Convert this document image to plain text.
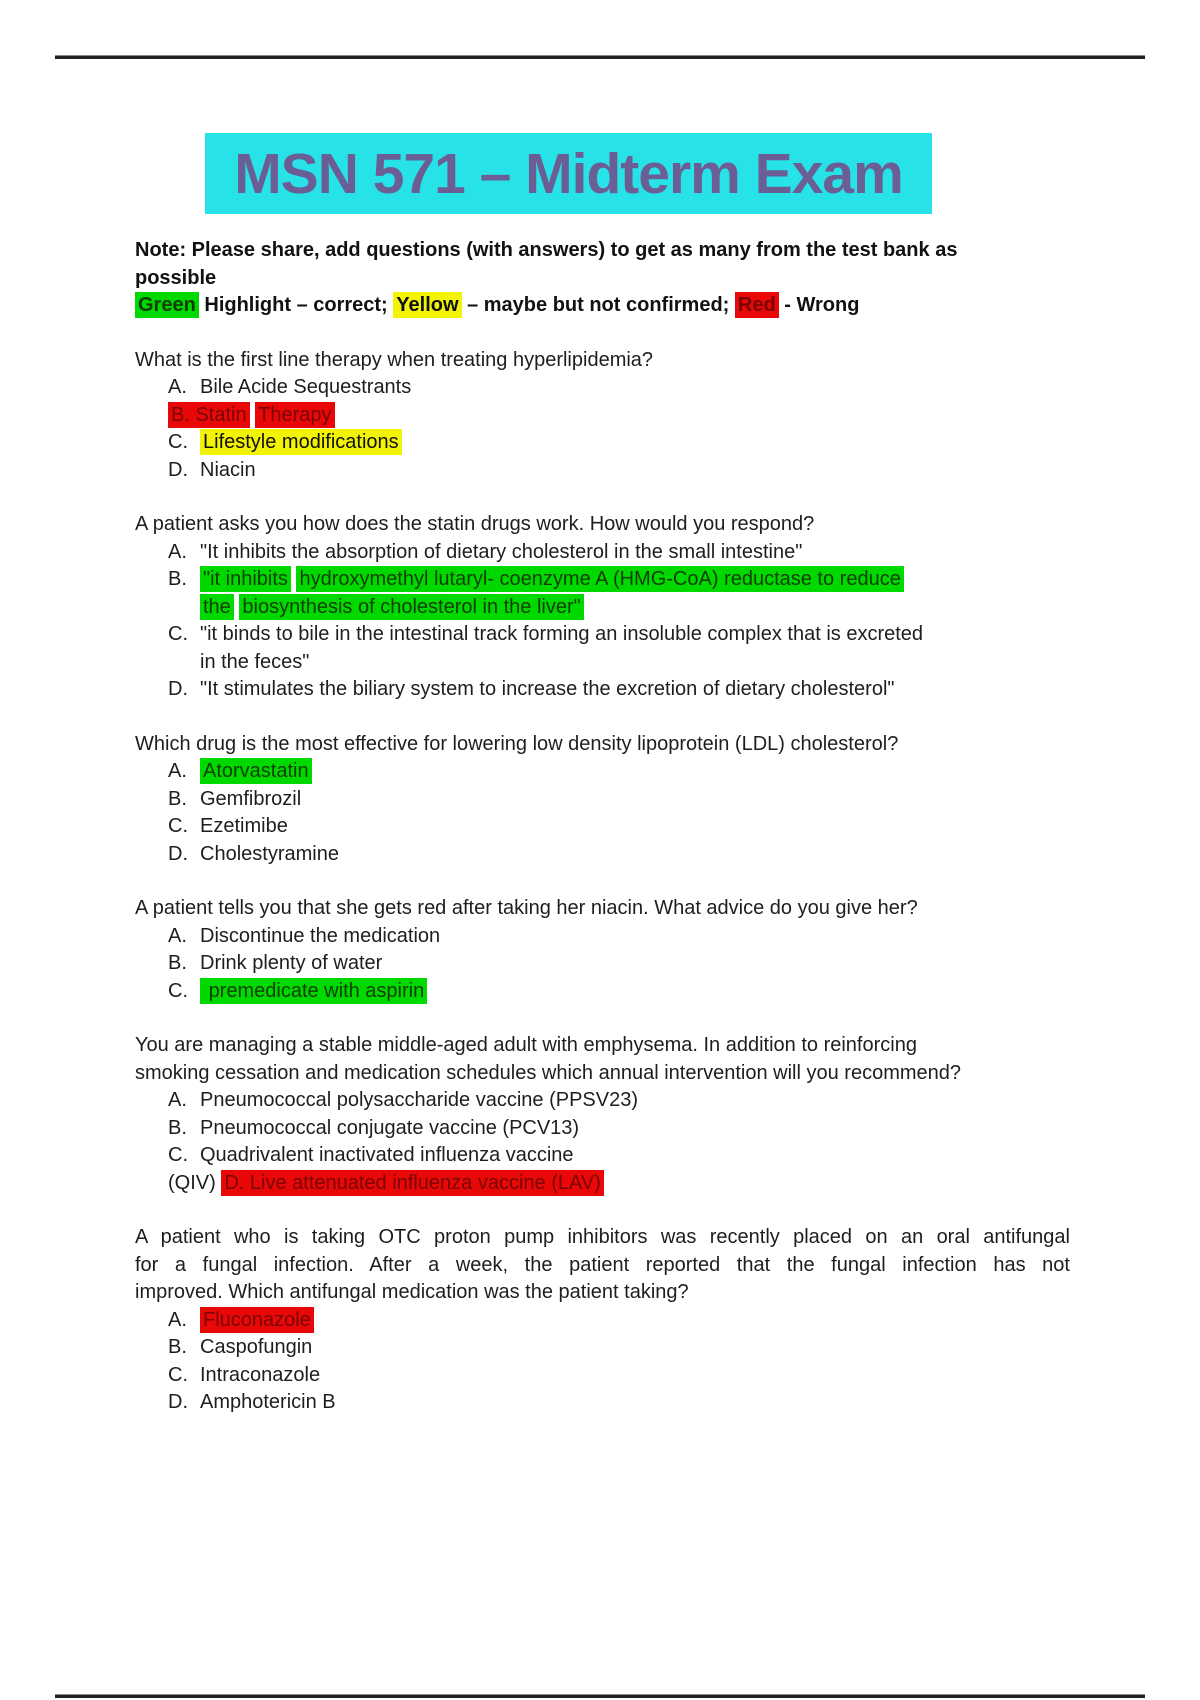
MSN 571 – Midterm Exam
Note: Please share, add questions (with answers) to get as many from the test bank as
possible
Green Highlight – correct; Yellow – maybe but not confirmed; Red - Wrong
What is the first line therapy when treating hyperlipidemia?
A. Bile Acide Sequestrants
B. Statin Therapy
C. Lifestyle modifications
D. Niacin
A patient asks you how does the statin drugs work. How would you respond?
A. "It inhibits the absorption of dietary cholesterol in the small intestine"
B. "it inhibits hydroxymethyl lutaryl- coenzyme A (HMG-CoA) reductase to reduce
the biosynthesis of cholesterol in the liver"
C. "it binds to bile in the intestinal track forming an insoluble complex that is excreted
in the feces"
D. "It stimulates the biliary system to increase the excretion of dietary cholesterol"
Which drug is the most effective for lowering low density lipoprotein (LDL) cholesterol?
A. Atorvastatin
B. Gemfibrozil
C. Ezetimibe
D. Cholestyramine
A patient tells you that she gets red after taking her niacin. What advice do you give her?
A. Discontinue the medication
B. Drink plenty of water
C. premedicate with aspirin
You are managing a stable middle-aged adult with emphysema. In addition to reinforcing
smoking cessation and medication schedules which annual intervention will you recommend?
A. Pneumococcal polysaccharide vaccine (PPSV23)
B. Pneumococcal conjugate vaccine (PCV13)
C. Quadrivalent inactivated influenza vaccine
(QIV) D. Live attenuated influenza vaccine (LAV)
A patient who is taking OTC proton pump inhibitors was recently placed on an oral antifungal
for a fungal infection. After a week, the patient reported that the fungal infection has not
improved. Which antifungal medication was the patient taking?
A. Fluconazole
B. Caspofungin
C. Intraconazole
D. Amphotericin B
